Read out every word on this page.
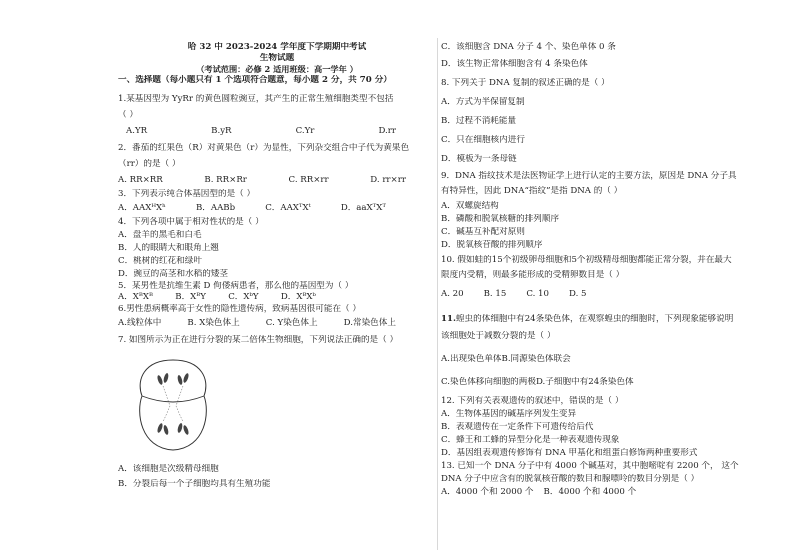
哈 32 中 2023-2024 学年度下学期期中考试
生物试题
（考试范围：必修 2 适用班级：高一学年 ）
一、选择题（每小题只有 1 个选项符合题意，每小题 2 分，共 70 分）
1.某基因型为 YyRr 的黄色圆粒豌豆，其产生的正常生殖细胞类型不包括
（ ）
A.YR	B.yR	C.Yr	D.rr
2．番茄的红果色（R）对黄果色（r）为显性，下列杂交组合中子代为黄果色
（rr）的是（ ）
A. RR×RR	B. RR×Rr	C. RR×rr	D. rr×rr
3．下列表示纯合体基因型的是（ ）
A．AAXᴴXʰ	B．AABb	C．AAXᵀXᵗ	D．aaXᵀXᵀ
4．下列各项中属于相对性状的是（ ）
A．盘羊的黑毛和白毛
B．人的眼睛大和眼角上翘
C．桃树的红花和绿叶
D．豌豆的高茎和水稻的矮茎
5．某男性是抗维生素 D 佝偻病患者，那么他的基因型为（ ）
A．XᴮXᴮ	B．XᴮY	C．XᵇY	D．XᴮXᵇ
6.男性患病概率高于女性的隐性遗传病，致病基因很可能在（ ）
A.线粒体中	B. X染色体上	C. Y染色体上	D.常染色体上
7. 如图所示为正在进行分裂的某二倍体生物细胞，下列说法正确的是（ ）
A．该细胞是次级精母细胞
B．分裂后每一个子细胞均具有生殖功能
C．该细胞含 DNA 分子 4 个、染色单体 0 条
D．该生物正常体细胞含有 4 条染色体
8. 下列关于 DNA 复制的叙述正确的是（ ）
A．方式为半保留复制
B．过程不消耗能量
C．只在细胞核内进行
D．模板为一条母链
9．DNA 指纹技术是法医物证学上进行认定的主要方法，原因是 DNA 分子具
有特异性，因此 DNA“指纹”是指 DNA 的（ ）
A．双螺旋结构
B．磷酸和脱氧核糖的排列顺序
C．碱基互补配对原则
D．脱氧核苷酸的排列顺序
10. 假如蛙的15个初级卵母细胞和5个初级精母细胞都能正常分裂，并在最大
限度内受精，则最多能形成的受精卵数目是（ ）
A. 20 B. 15 C. 10 D. 5
11.蝗虫的体细胞中有24条染色体，在观察蝗虫的细胞时，下列现象能够说明
该细胞处于减数分裂的是（ ）
A.出现染色单体B.同源染色体联会
C.染色体移向细胞的两极D.子细胞中有24条染色体
12. 下列有关表观遗传的叙述中，错误的是（ ）
A．生物体基因的碱基序列发生变异
B．表观遗传在一定条件下可遗传给后代
C．蜂王和工蜂的异型分化是一种表观遗传现象
D．基因组表观遗传修饰有 DNA 甲基化和组蛋白修饰两种重要形式
13. 已知一个 DNA 分子中有 4000 个碱基对，其中胞嘧啶有 2200 个， 这个
DNA 分子中应含有的脱氧核苷酸的数目和腺嘌呤的数目分别是（ ）
A．4000 个和 2000 个 B．4000 个和 4000 个
